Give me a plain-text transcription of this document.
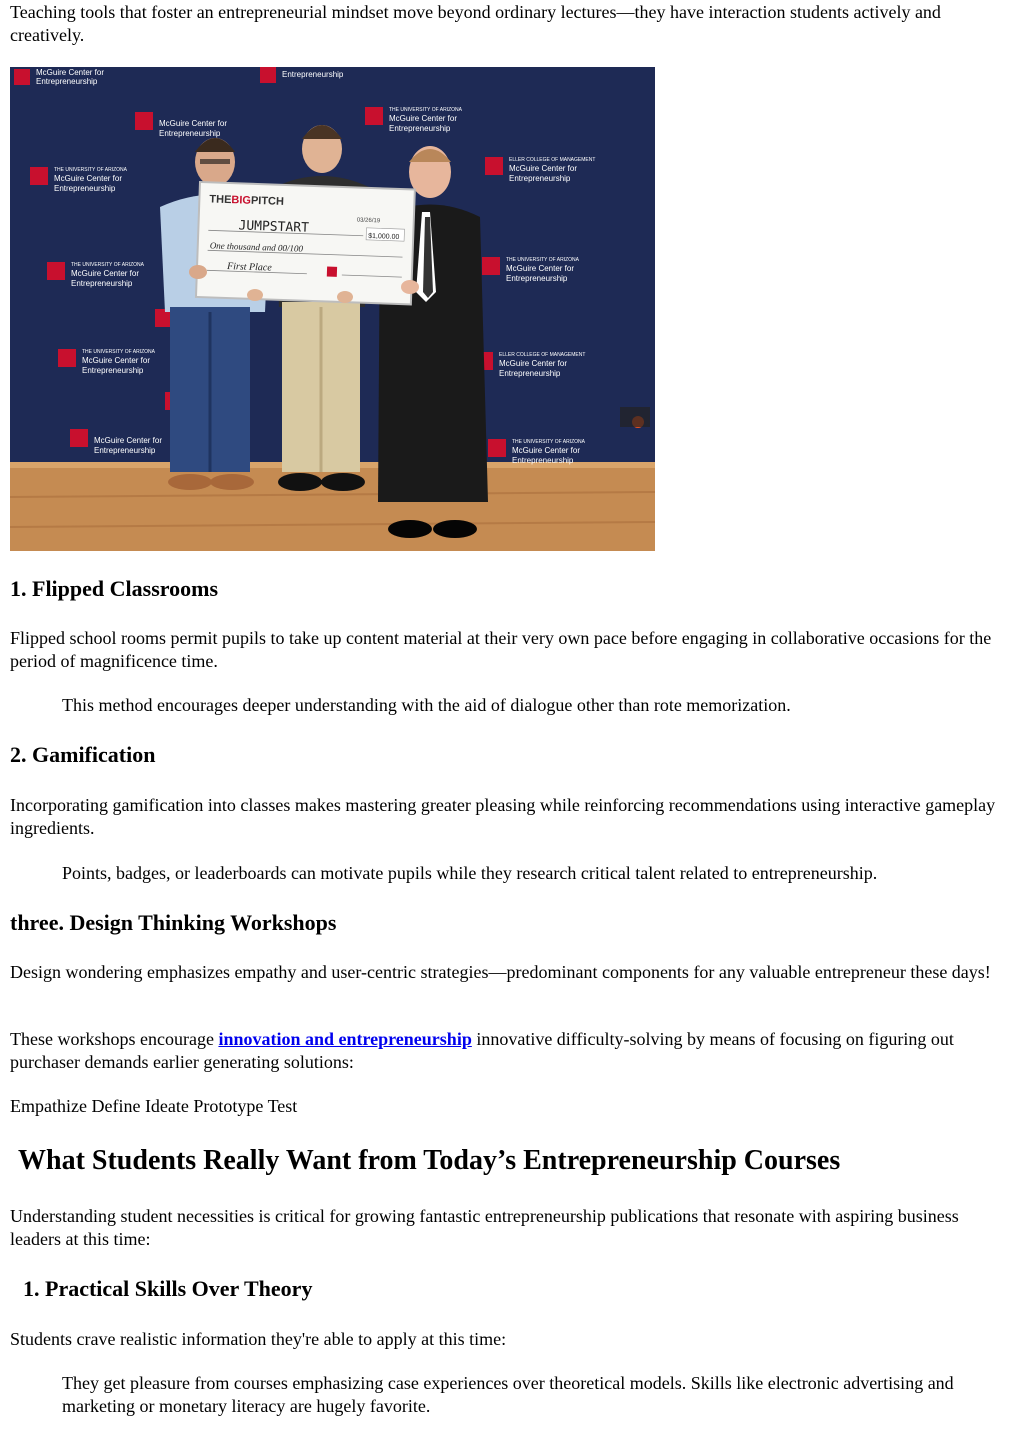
Teaching tools that foster an entrepreneurial mindset move beyond ordinary lectures—they have interaction students actively and creatively.

McGuire Center for
Entrepreneurship
Entrepreneurship
McGuire Center for
Entrepreneurship
THE UNIVERSITY OF ARIZONA
McGuire Center for
Entrepreneurship
THE UNIVERSITY OF ARIZONA
McGuire Center for
Entrepreneurship
ELLER COLLEGE OF MANAGEMENT
McGuire Center for
Entrepreneurship
THE UNIVERSITY OF ARIZONA
McGuire Center for
Entrepreneurship
THE UNIVERSITY OF ARIZONA
McGuire Center for
Entrepreneurship
THE UNIVERSITY OF ARIZONA
McGuire Center for
Entrepreneurship
ELLER COLLEGE OF MANAGEMENT
McGuire Center for
Entrepreneurship
McGuire Center for
Entrepreneurship
THE UNIVERSITY OF ARIZONA
McGuire Center for
Entrepreneurship
THEBIGPITCH
03/26/19
JUMPSTART
$1,000.00
One thousand and 00/100
First Place
1. Flipped Classrooms

Flipped school rooms permit pupils to take up content material at their very own pace before engaging in collaborative occasions for the period of magnificence time.

This method encourages deeper understanding with the aid of dialogue other than rote memorization.

2. Gamification

Incorporating gamification into classes makes mastering greater pleasing while reinforcing recommendations using interactive gameplay ingredients.

Points, badges, or leaderboards can motivate pupils while they research critical talent related to entrepreneurship.

three. Design Thinking Workshops

Design wondering emphasizes empathy and user-centric strategies—predominant components for any valuable entrepreneur these days!

These workshops encourage innovation and entrepreneurship innovative difficulty-solving by means of focusing on figuring out purchaser demands earlier generating solutions:

Empathize Define Ideate Prototype Test

What Students Really Want from Today’s Entrepreneurship Courses

Understanding student necessities is critical for growing fantastic entrepreneurship publications that resonate with aspiring business leaders at this time:

1. Practical Skills Over Theory

Students crave realistic information they're able to apply at this time:

They get pleasure from courses emphasizing case experiences over theoretical models. Skills like electronic advertising and marketing or monetary literacy are hugely favorite.
